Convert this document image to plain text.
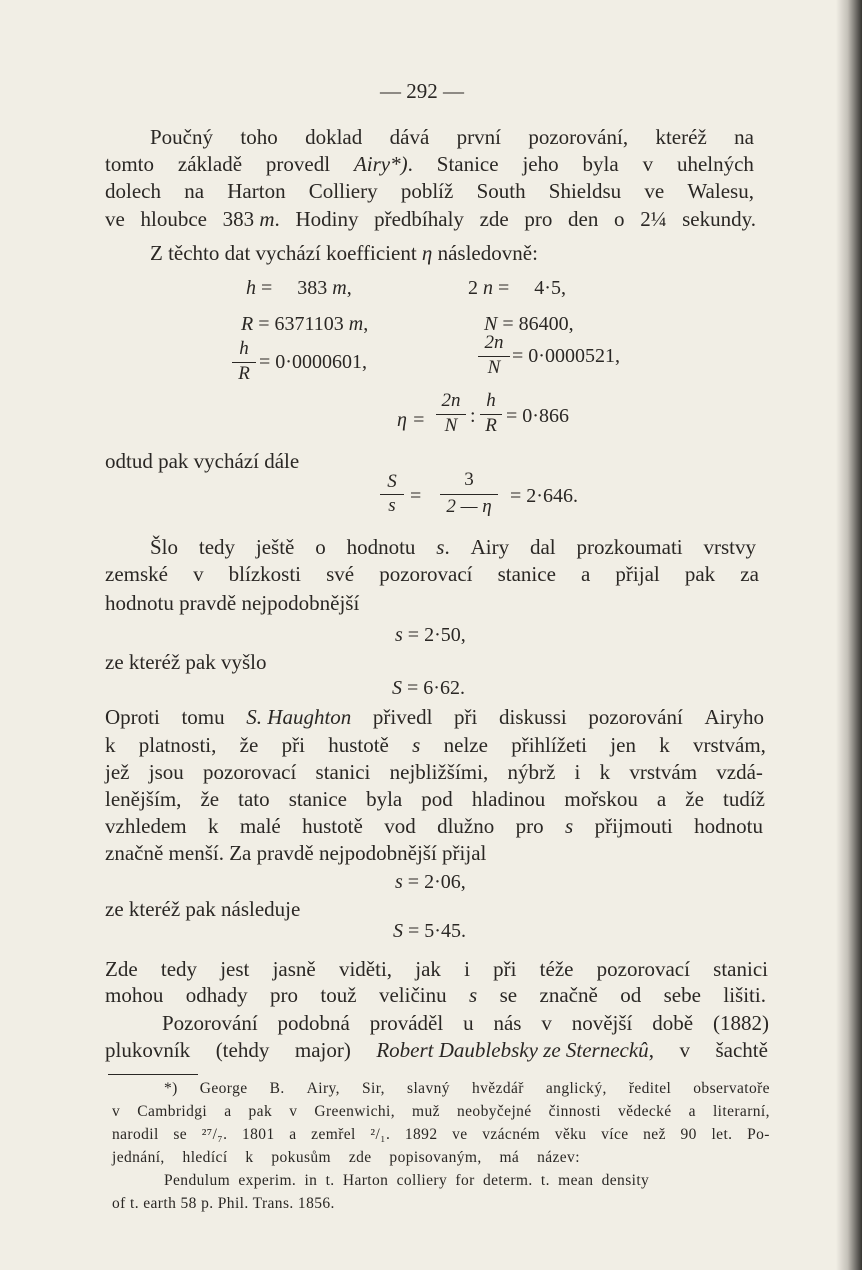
— 292 —
Poučný toho doklad dává první pozorování, kteréž na
tomto základě provedl Airy*). Stanice jeho byla v uhelných
dolech na Harton Colliery poblíž South Shieldsu ve Walesu,
ve hloubce 383 m. Hodiny předbíhaly zde pro den o 2¼ sekundy.
Z těchto dat vychází koefficient η následovně:
h =     383 m,	2 n =     4·5,
R = 6371103 m,	N = 86400,
h
R
= 0·0000601,
2n
N
= 0·0000521,
η =
2n
N :
h
R = 0·866
odtud pak vychází dále
S
s =
3
2 — η = 2·646.
Šlo tedy ještě o hodnotu s. Airy dal prozkoumati vrstvy
zemské v blízkosti své pozorovací stanice a přijal pak za
hodnotu pravdě nejpodobnější
s = 2·50,
ze kteréž pak vyšlo
S = 6·62.
Oproti tomu S. Haughton přivedl při diskussi pozorování Airyho
k platnosti, že při hustotě s nelze přihlížeti jen k vrstvám,
jež jsou pozorovací stanici nejbližšími, nýbrž i k vrstvám vzdá-
lenějším, že tato stanice byla pod hladinou mořskou a že tudíž
vzhledem k malé hustotě vod dlužno pro s přijmouti hodnotu
značně menší. Za pravdě nejpodobnější přijal
s = 2·06,
ze kteréž pak následuje
S = 5·45.
Zde tedy jest jasně viděti, jak i při téže pozorovací stanici
mohou odhady pro touž veličinu s se značně od sebe lišiti.
Pozorování podobná prováděl u nás v novější době (1882)
plukovník (tehdy major) Robert Daublebsky ze Sterneckû, v šachtě
*) George B. Airy, Sir, slavný hvězdář anglický, ředitel observatoře
v Cambridgi a pak v Greenwichi, muž neobyčejné činnosti vědecké a literarní,
narodil se ²⁷/₇. 1801 a zemřel ²/₁. 1892 ve vzácném věku více než 90 let. Po-
jednání, hledící k pokusům zde popisovaným, má název:
Pendulum experim. in t. Harton colliery for determ. t. mean density
of t. earth 58 p. Phil. Trans. 1856.
